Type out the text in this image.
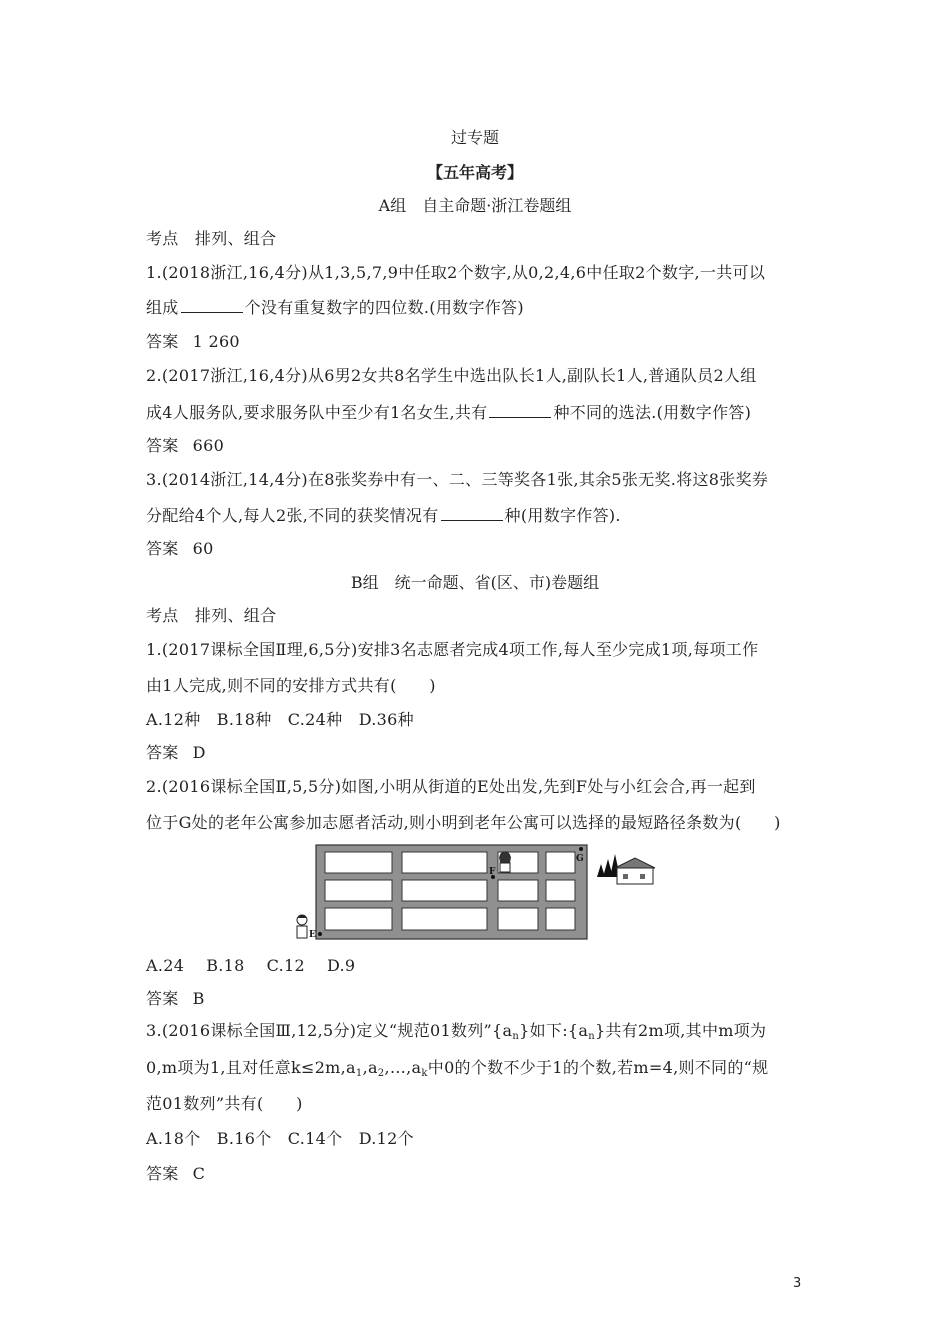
过专题
【五年高考】
A组　自主命题·浙江卷题组
考点　排列、组合
1.(2018浙江,16,4分)从1,3,5,7,9中任取2个数字,从0,2,4,6中任取2个数字,一共可以
组成	个没有重复数字的四位数.(用数字作答)
答案 1 260
2.(2017浙江,16,4分)从6男2女共8名学生中选出队长1人,副队长1人,普通队员2人组
成4人服务队,要求服务队中至少有1名女生,共有	种不同的选法.(用数字作答)
答案 660
3.(2014浙江,14,4分)在8张奖券中有一、二、三等奖各1张,其余5张无奖.将这8张奖券
分配给4个人,每人2张,不同的获奖情况有	种(用数字作答).
答案 60
B组　统一命题、省(区、市)卷题组
考点　排列、组合
1.(2017课标全国Ⅱ理,6,5分)安排3名志愿者完成4项工作,每人至少完成1项,每项工作
由1人完成,则不同的安排方式共有(　　)
A.12种　B.18种　C.24种　D.36种
答案 D
2.(2016课标全国Ⅱ,5,5分)如图,小明从街道的E处出发,先到F处与小红会合,再一起到
位于G处的老年公寓参加志愿者活动,则小明到老年公寓可以选择的最短路径条数为(　　)
E
F
G
A.24 B.18 C.12 D.9
答案 B
3.(2016课标全国Ⅲ,12,5分)定义“规范01数列$”\{a_n\}$如下$:\{a_n\}$共有2m项,其中m项为
0,m项为1,且对任意$k\le 2m,a_1,a_2,\dots,a_k$中0的个数不少于1的个数,若m=4,则不同的“规
范01数列”共有(　　)
A.18个　B.16个　C.14个　D.12个
答案 C
3
